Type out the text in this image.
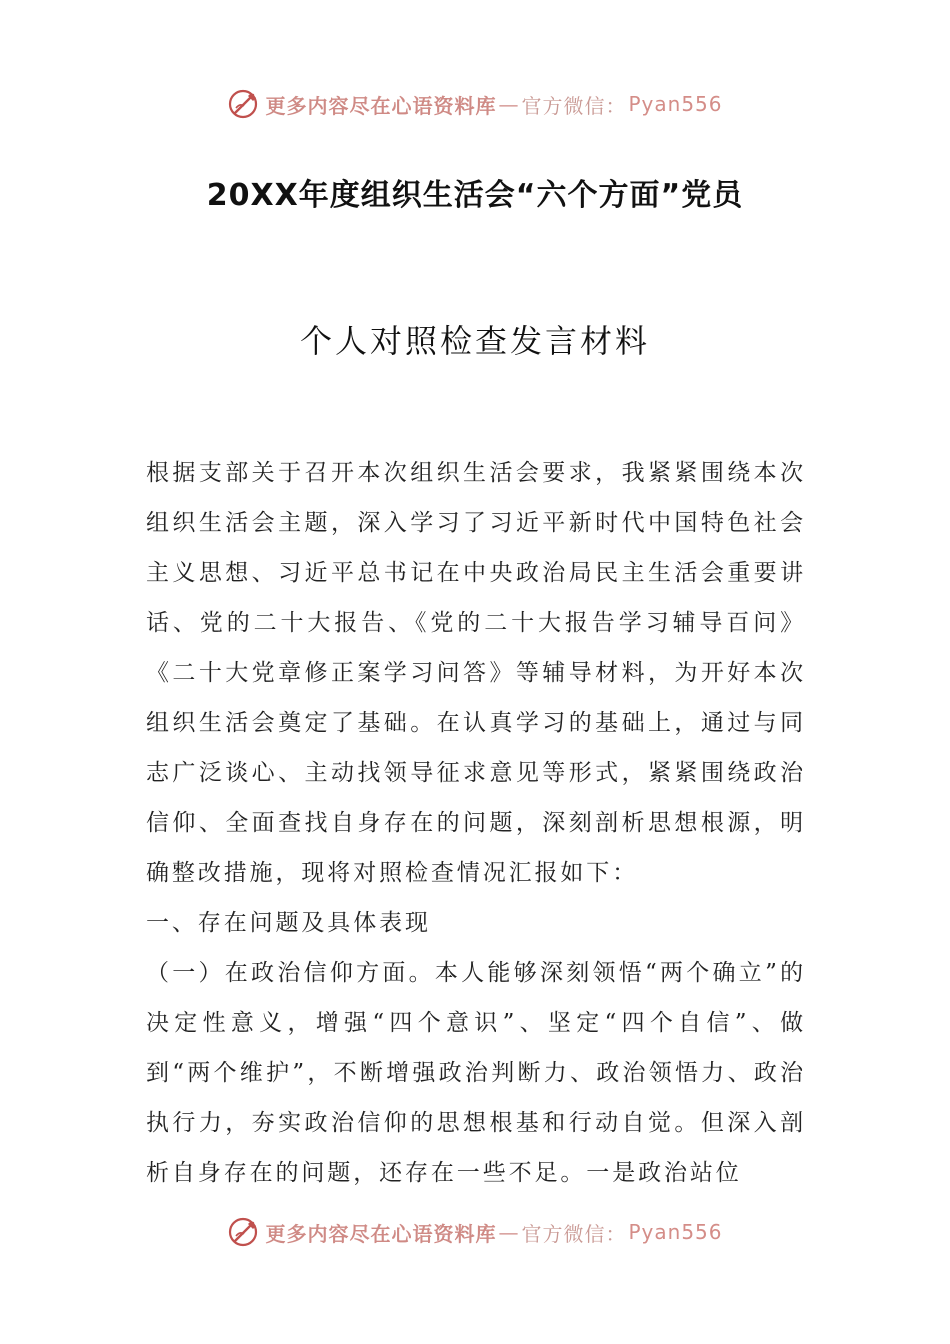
更多内容尽在心语资料库 — 官方微信： Pyan556
20XX年度组织生活会“六个方面”党员
个人对照检查发言材料

根据支部关于召开本次组织生活会要求，我紧紧围绕本次组织生活会主题，深入学习了习近平新时代中国特色社会主义思想、习近平总书记在中央政治局民主生活会重要讲话、党的二十大报告、《党的二十大报告学习辅导百问》《二十大党章修正案学习问答》等辅导材料，为开好本次组织生活会奠定了基础。在认真学习的基础上，通过与同志广泛谈心、主动找领导征求意见等形式，紧紧围绕政治信仰、全面查找自身存在的问题，深刻剖析思想根源，明确整改措施，现将对照检查情况汇报如下：

一、存在问题及具体表现

（一）在政治信仰方面。本人能够深刻领悟“两个确立”的决定性意义，增强“四个意识”、坚定“四个自信”、做到“两个维护”，不断增强政治判断力、政治领悟力、政治执行力，夯实政治信仰的思想根基和行动自觉。但深入剖析自身存在的问题，还存在一些不足。一是政治站位

更多内容尽在心语资料库 — 官方微信： Pyan556
